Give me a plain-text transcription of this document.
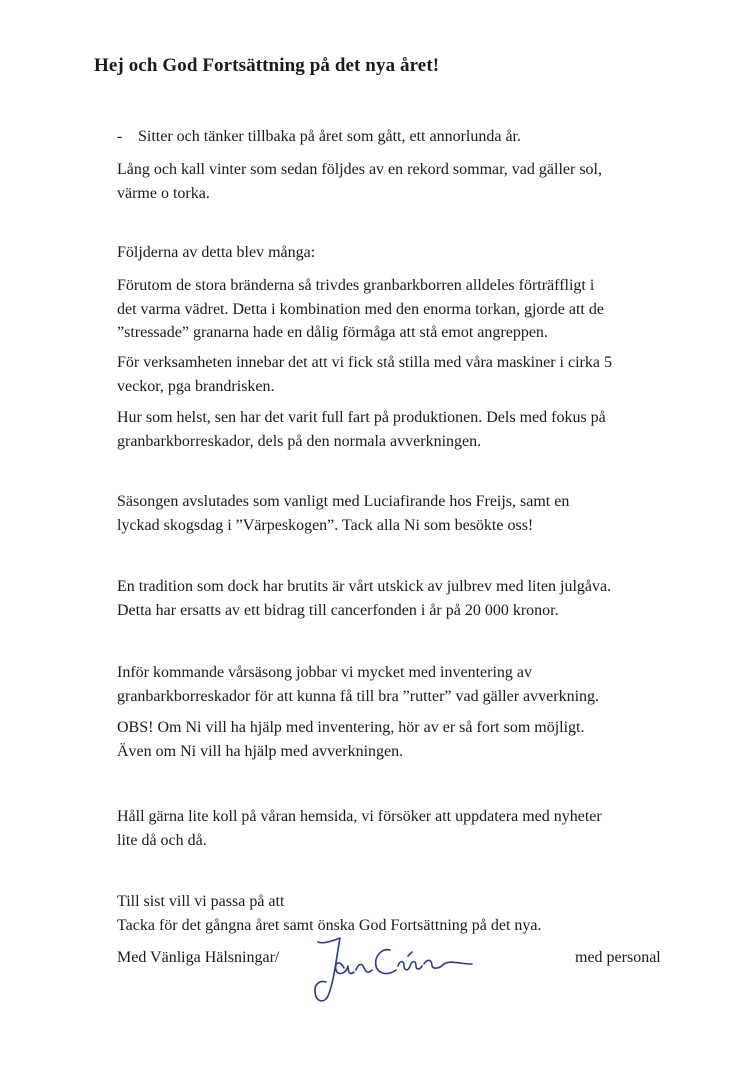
Hej och God Fortsättning på det nya året!
- Sitter och tänker tillbaka på året som gått, ett annorlunda år.

Lång och kall vinter som sedan följdes av en rekord sommar, vad gäller sol,
värme o torka.

Följderna av detta blev många:

Förutom de stora bränderna så trivdes granbarkborren alldeles förträffligt i
det varma vädret. Detta i kombination med den enorma torkan, gjorde att de
”stressade” granarna hade en dålig förmåga att stå emot angreppen.

För verksamheten innebar det att vi fick stå stilla med våra maskiner i cirka 5
veckor, pga brandrisken.

Hur som helst, sen har det varit full fart på produktionen. Dels med fokus på
granbarkborreskador, dels på den normala avverkningen.

Säsongen avslutades som vanligt med Luciafirande hos Freijs, samt en
lyckad skogsdag i ”Värpeskogen”. Tack alla Ni som besökte oss!

En tradition som dock har brutits är vårt utskick av julbrev med liten julgåva.
Detta har ersatts av ett bidrag till cancerfonden i år på 20 000 kronor.

Inför kommande vårsäsong jobbar vi mycket med inventering av
granbarkborreskador för att kunna få till bra ”rutter” vad gäller avverkning.

OBS! Om Ni vill ha hjälp med inventering, hör av er så fort som möjligt.
Även om Ni vill ha hjälp med avverkningen.

Håll gärna lite koll på våran hemsida, vi försöker att uppdatera med nyheter
lite då och då.

Till sist vill vi passa på att
Tacka för det gångna året samt önska God Fortsättning på det nya.

Med Vänliga Hälsningar/	med personal
